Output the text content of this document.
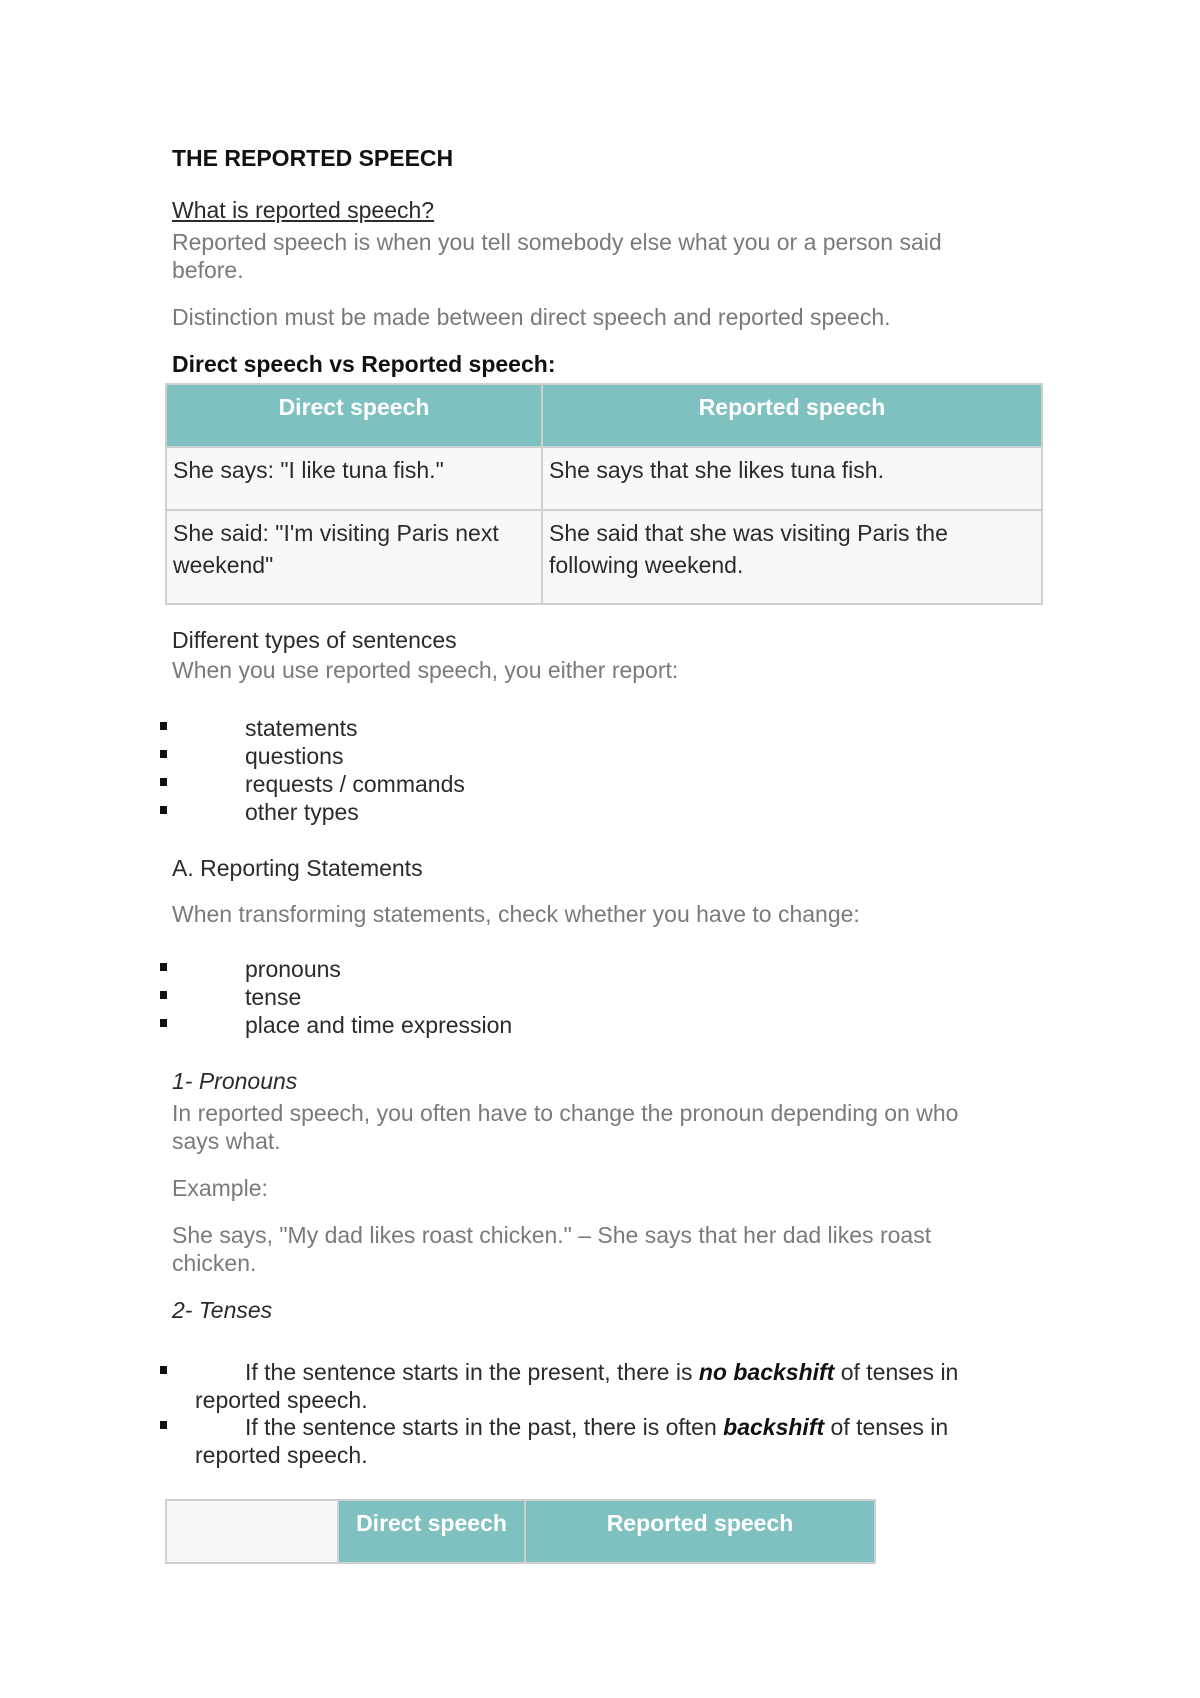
THE REPORTED SPEECH
What is reported speech?
Reported speech is when you tell somebody else what you or a person said
before.
Distinction must be made between direct speech and reported speech.
Direct speech vs Reported speech:
Direct speech	Reported speech
She says: "I like tuna fish."	She says that she likes tuna fish.
She said: "I'm visiting Paris next weekend"	She said that she was visiting Paris the following weekend.
Different types of sentences
When you use reported speech, you either report:
statements
questions
requests / commands
other types
A. Reporting Statements
When transforming statements, check whether you have to change:
pronouns
tense
place and time expression
1- Pronouns
In reported speech, you often have to change the pronoun depending on who
says what.
Example:
She says, "My dad likes roast chicken." – She says that her dad likes roast
chicken.
2- Tenses
If the sentence starts in the present, there is no backshift of tenses in
reported speech.
If the sentence starts in the past, there is often backshift of tenses in
reported speech.
	Direct speech	Reported speech
